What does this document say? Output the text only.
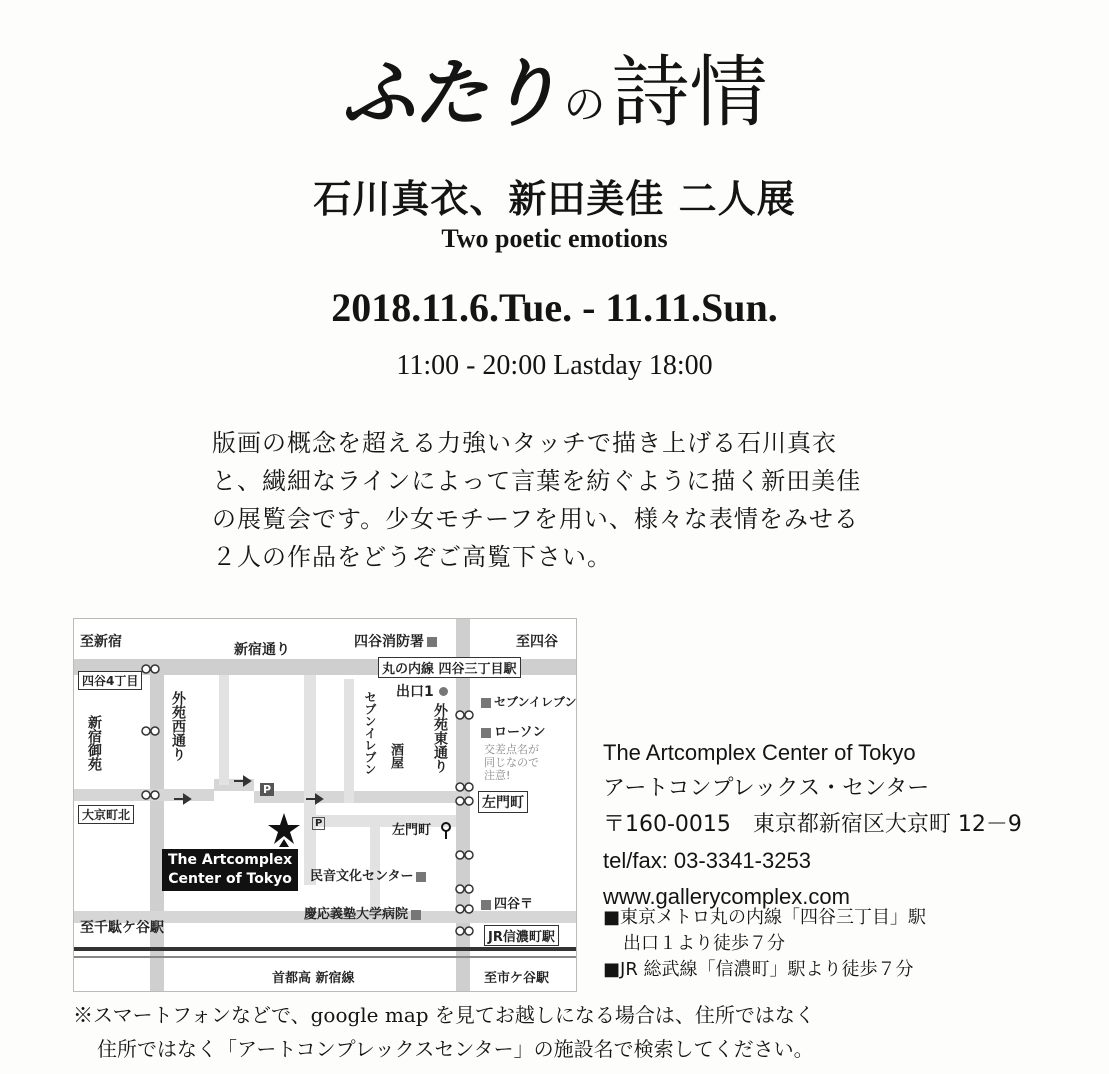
ふたり の詩情
石川真衣、新田美佳 二人展
Two poetic emotions
2018.11.6.Tue. - 11.11.Sun.
11:00 - 20:00 Lastday 18:00
版画の概念を超える力強いタッチで描き上げる石川真衣
と、繊細なラインによって言葉を紡ぐように描く新田美佳
の展覧会です。少女モチーフを用い、様々な表情をみせる
２人の作品をどうぞご高覧下さい。
至新宿	新宿通り	四谷消防署	至四谷
丸の内線 四谷三丁目駅
四谷4丁目
外苑西通り
新宿御苑
出口1
セブンイレブン 酒屋 外苑東通り
セブンイレブン
ローソン
交差点名が
同じなので
注意!
左門町
左門町
大京町北
P
P
The Artcomplex
Center of Tokyo 民音文化センター
四谷〒
慶応義塾大学病院
至千駄ケ谷駅
JR信濃町駅
首都高 新宿線	至市ケ谷駅
The Artcomplex Center of Tokyo
アートコンプレックス・センター
〒160-0015　東京都新宿区大京町 12－9
tel/fax: 03-3341-3253
www.gallerycomplex.com
■東京メトロ丸の内線「四谷三丁目」駅
出口１より徒歩７分
■JR 総武線「信濃町」駅より徒歩７分
※スマートフォンなどで、google map を見てお越しになる場合は、住所ではなく
住所ではなく「アートコンプレックスセンター」の施設名で検索してください。
